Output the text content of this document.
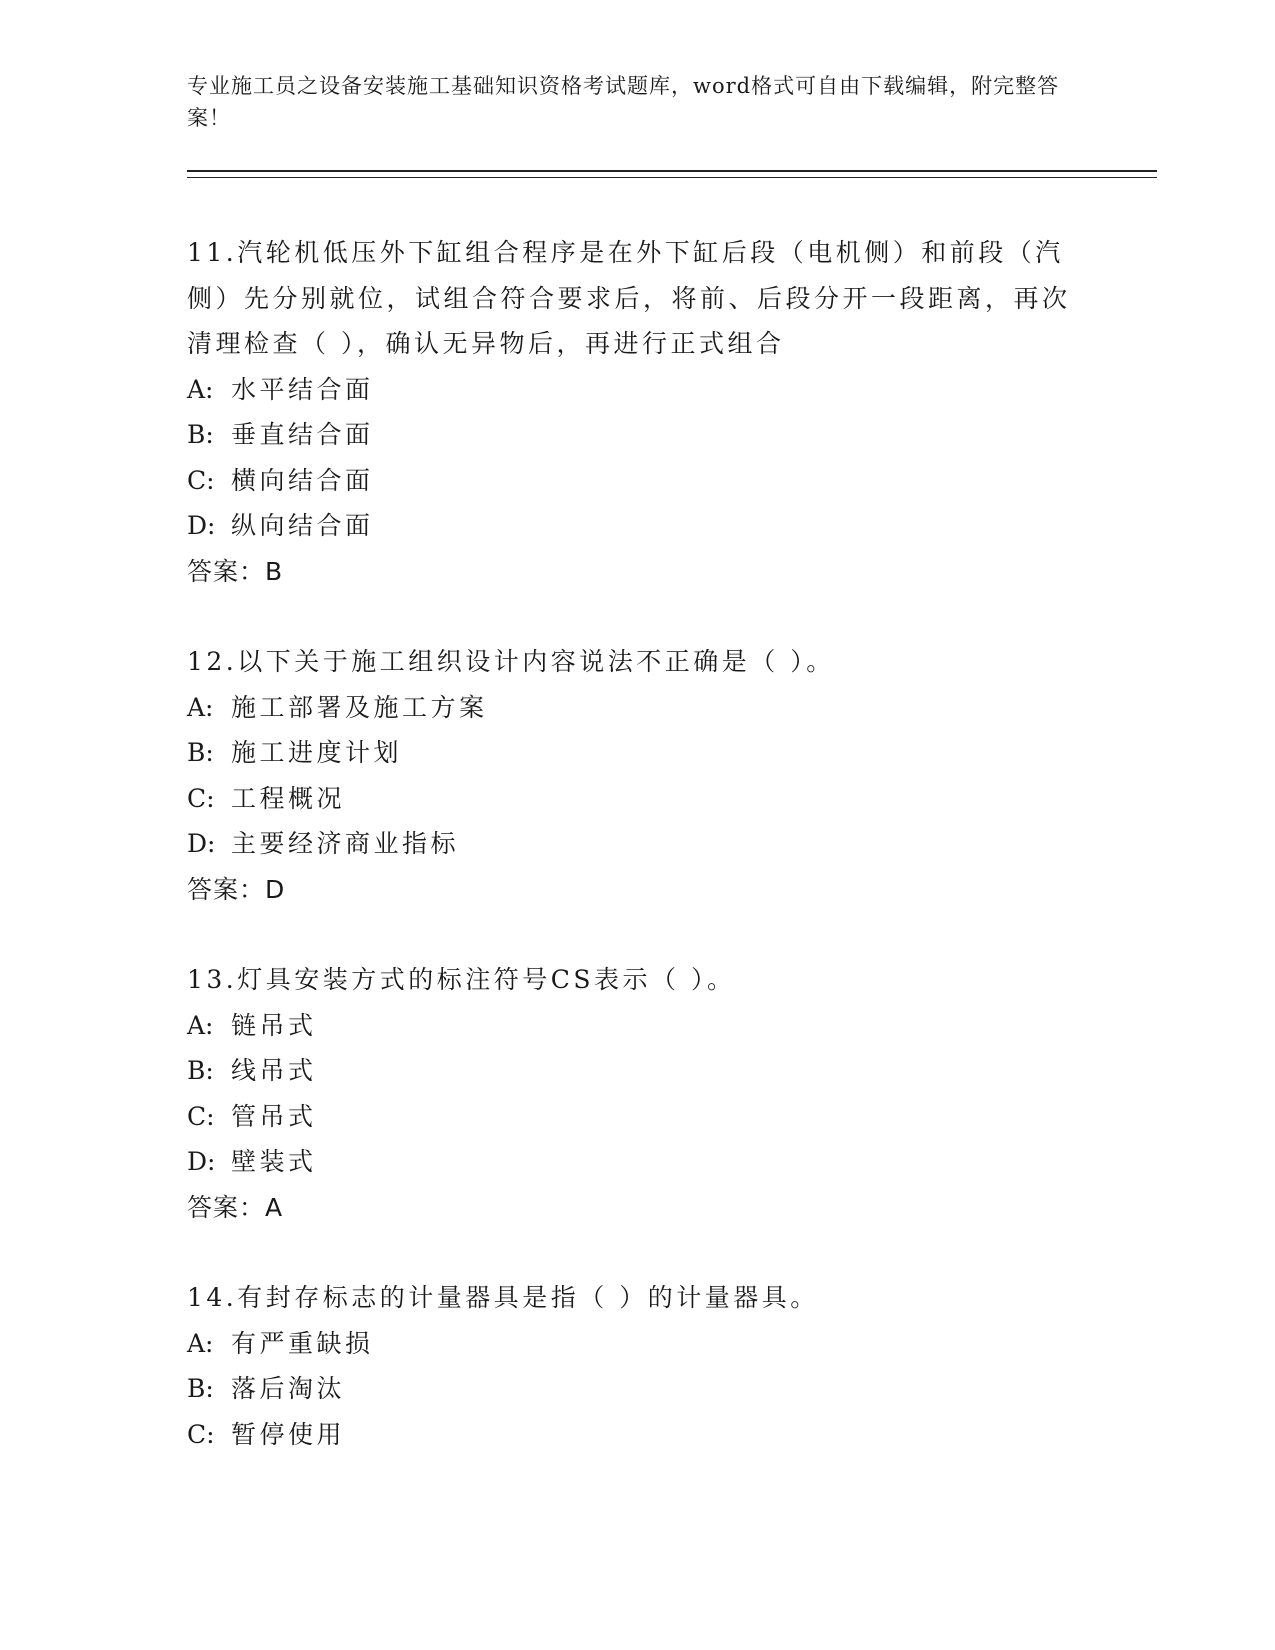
专业施工员之设备安装施工基础知识资格考试题库，word格式可自由下载编辑，附完整答案！

11.汽轮机低压外下缸组合程序是在外下缸后段（电机侧）和前段（汽侧）先分别就位，试组合符合要求后，将前、后段分开一段距离，再次清理检查（ ），确认无异物后，再进行正式组合

A: 水平结合面

B: 垂直结合面

C: 横向结合面

D: 纵向结合面

答案：B

12.以下关于施工组织设计内容说法不正确是（ ）。

A: 施工部署及施工方案

B: 施工进度计划

C: 工程概况

D: 主要经济商业指标

答案：D

13.灯具安装方式的标注符号CS表示（ ）。

A: 链吊式

B: 线吊式

C: 管吊式

D: 壁装式

答案：A

14.有封存标志的计量器具是指（ ）的计量器具。

A: 有严重缺损

B: 落后淘汰

C: 暂停使用
